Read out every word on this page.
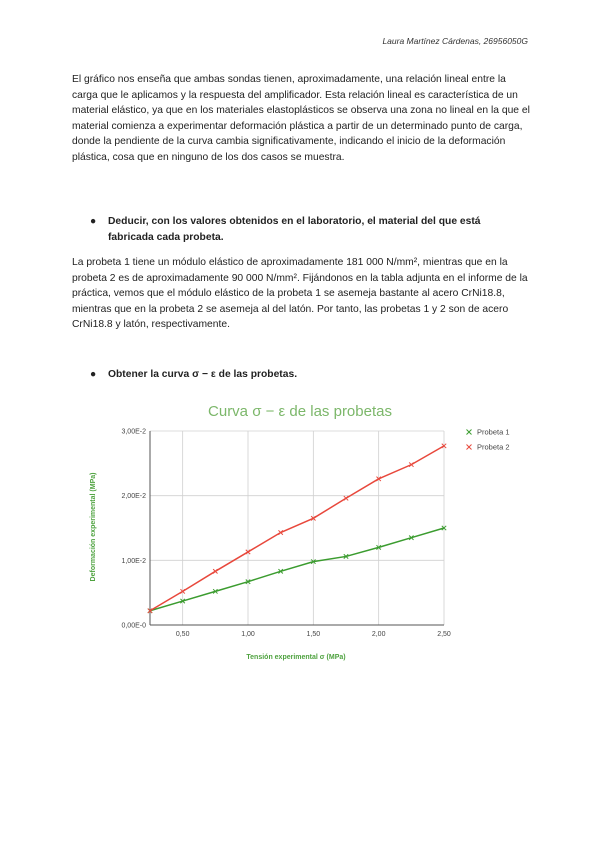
Laura Martínez Cárdenas, 26956050G

El gráfico nos enseña que ambas sondas tienen, aproximadamente, una relación lineal entre la carga que le aplicamos y la respuesta del amplificador. Esta relación lineal es característica de un material elástico, ya que en los materiales elastoplásticos se observa una zona no lineal en la que el material comienza a experimentar deformación plástica a partir de un determinado punto de carga, donde la pendiente de la curva cambia significativamente, indicando el inicio de la deformación plástica, cosa que en ninguno de los dos casos se muestra.

● Deducir, con los valores obtenidos en el laboratorio, el material del que está fabricada cada probeta.

La probeta 1 tiene un módulo elástico de aproximadamente 181 000 N/mm², mientras que en la probeta 2 es de aproximadamente 90 000 N/mm². Fijándonos en la tabla adjunta en el informe de la práctica, vemos que el módulo elástico de la probeta 1 se asemeja bastante al acero CrNi18.8, mientras que en la probeta 2 se asemeja al del latón. Por tanto, las probetas 1 y 2 son de acero CrNi18.8 y latón, respectivamente.

● Obtener la curva σ − ε de las probetas.
Curva σ − ε de las probetas
0,50	1,00	1,50	2,00	2,50
0,00E-0
1,00E-2
2,00E-2
3,00E-2	Probeta 1
Probeta 2
Tensión experimental σ (MPa)
Deformación experimental (MPa)
